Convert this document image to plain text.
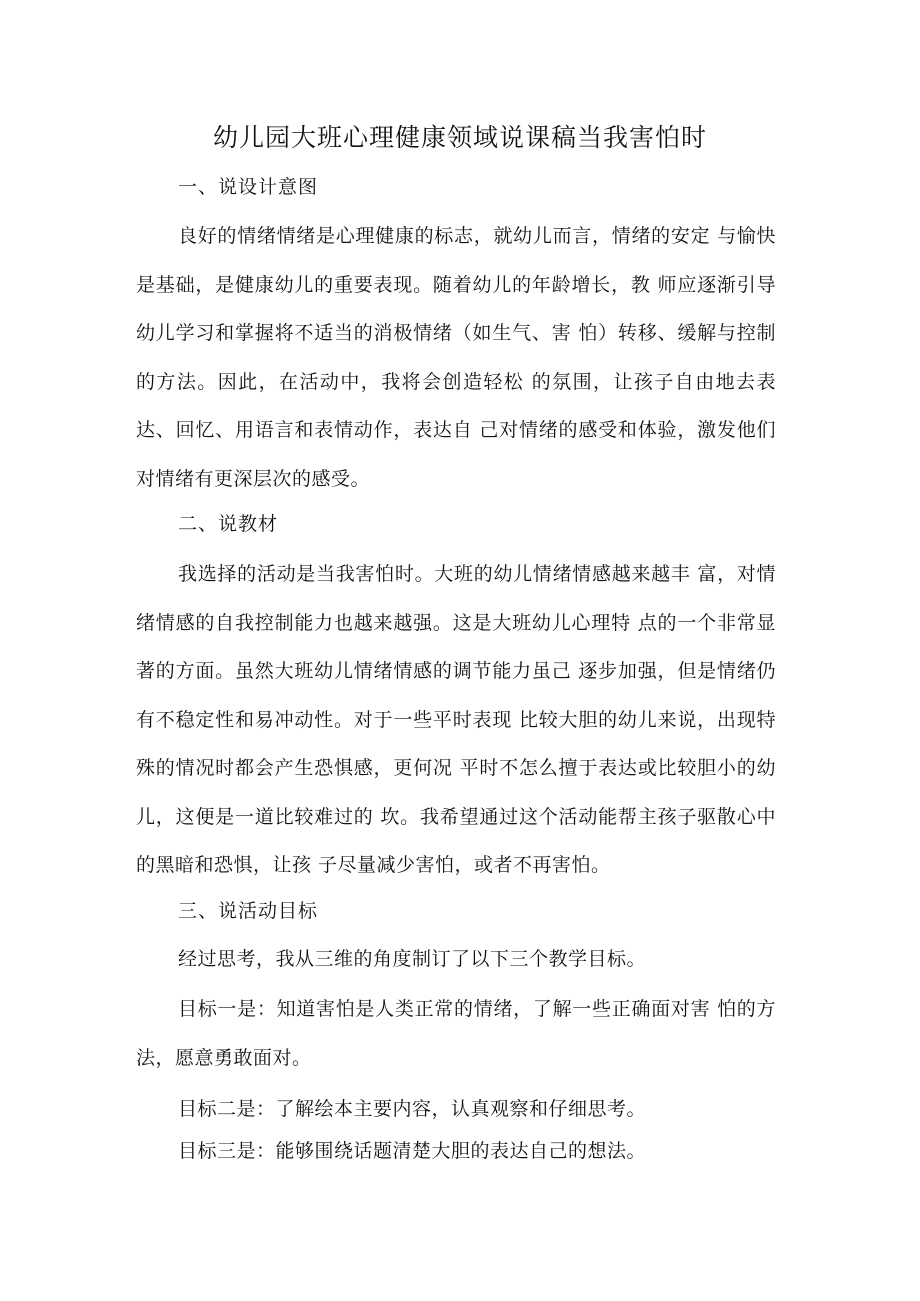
幼儿园大班心理健康领域说课稿当我害怕时
一、说设计意图
良好的情绪情绪是心理健康的标志，就幼儿而言，情绪的安定 与愉快是基础，是健康幼儿的重要表现。随着幼儿的年龄增长，教 师应逐渐引导幼儿学习和掌握将不适当的消极情绪（如生气、害 怕）转移、缓解与控制的方法。因此，在活动中，我将会创造轻松 的氛围，让孩子自由地去表达、回忆、用语言和表情动作，表达自 己对情绪的感受和体验，激发他们对情绪有更深层次的感受。
二、说教材
我选择的活动是当我害怕时。大班的幼儿情绪情感越来越丰 富，对情绪情感的自我控制能力也越来越强。这是大班幼儿心理特 点的一个非常显著的方面。虽然大班幼儿情绪情感的调节能力虽己 逐步加强，但是情绪仍有不稳定性和易冲动性。对于一些平时表现 比较大胆的幼儿来说，出现特殊的情况时都会产生恐惧感，更何况 平时不怎么擅于表达或比较胆小的幼儿，这便是一道比较难过的 坎。我希望通过这个活动能帮主孩子驱散心中的黑暗和恐惧，让孩 子尽量减少害怕，或者不再害怕。
三、说活动目标
经过思考，我从三维的角度制订了以下三个教学目标。
目标一是：知道害怕是人类正常的情绪，了解一些正确面对害 怕的方法，愿意勇敢面对。
目标二是：了解绘本主要内容，认真观察和仔细思考。
目标三是：能够围绕话题清楚大胆的表达自己的想法。
